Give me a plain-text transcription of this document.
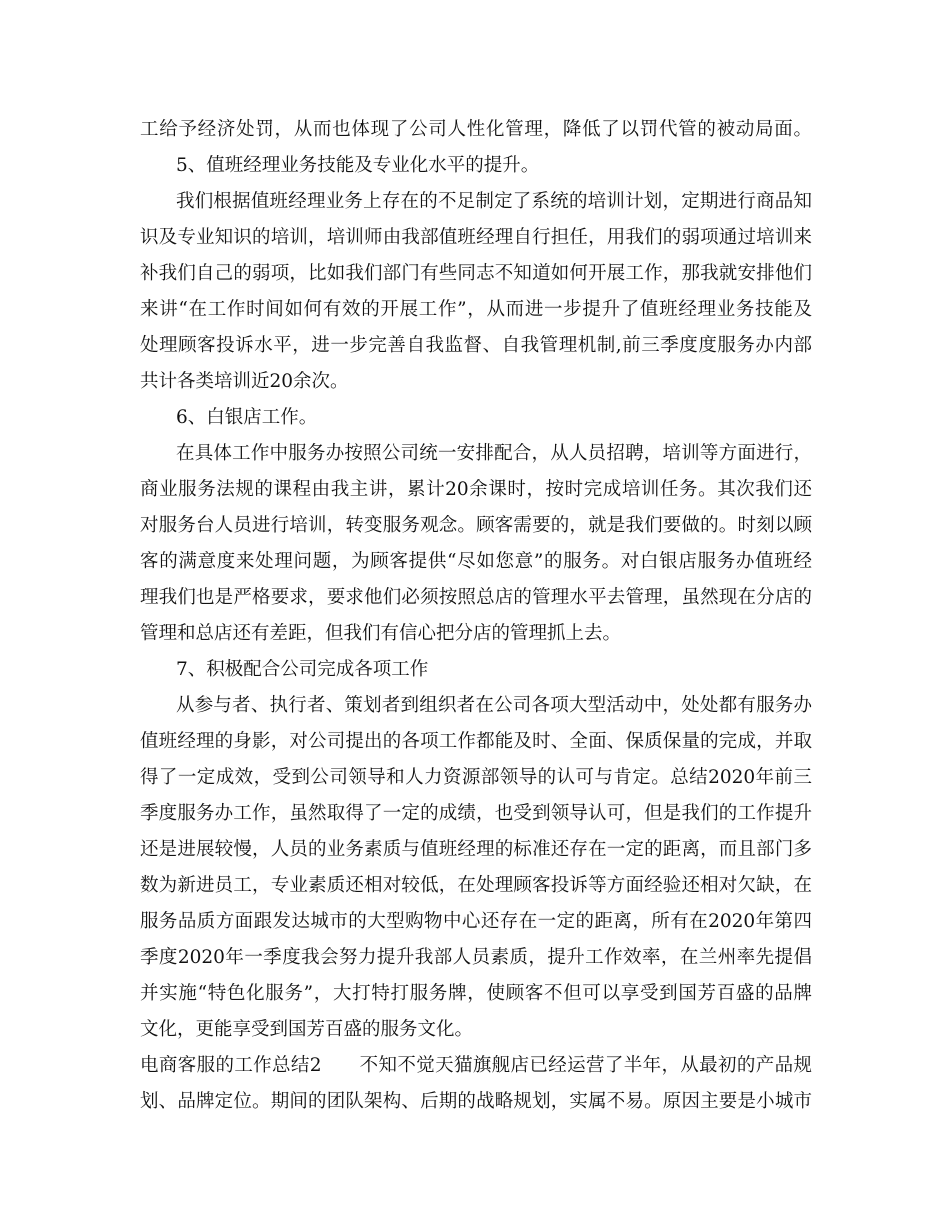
工给予经济处罚，从而也体现了公司人性化管理，降低了以罚代管的被动局面。
5、值班经理业务技能及专业化水平的提升。
我们根据值班经理业务上存在的不足制定了系统的培训计划，定期进行商品知
识及专业知识的培训，培训师由我部值班经理自行担任，用我们的弱项通过培训来
补我们自己的弱项，比如我们部门有些同志不知道如何开展工作，那我就安排他们
来讲“在工作时间如何有效的开展工作”，从而进一步提升了值班经理业务技能及
处理顾客投诉水平，进一步完善自我监督、自我管理机制,前三季度度服务办内部
共计各类培训近20余次。
6、白银店工作。
在具体工作中服务办按照公司统一安排配合，从人员招聘，培训等方面进行，
商业服务法规的课程由我主讲，累计20余课时，按时完成培训任务。其次我们还
对服务台人员进行培训，转变服务观念。顾客需要的，就是我们要做的。时刻以顾
客的满意度来处理问题，为顾客提供“尽如您意”的服务。对白银店服务办值班经
理我们也是严格要求，要求他们必须按照总店的管理水平去管理，虽然现在分店的
管理和总店还有差距，但我们有信心把分店的管理抓上去。
7、积极配合公司完成各项工作
从参与者、执行者、策划者到组织者在公司各项大型活动中，处处都有服务办
值班经理的身影，对公司提出的各项工作都能及时、全面、保质保量的完成，并取
得了一定成效，受到公司领导和人力资源部领导的认可与肯定。总结2020年前三
季度服务办工作，虽然取得了一定的成绩，也受到领导认可，但是我们的工作提升
还是进展较慢，人员的业务素质与值班经理的标准还存在一定的距离，而且部门多
数为新进员工，专业素质还相对较低，在处理顾客投诉等方面经验还相对欠缺，在
服务品质方面跟发达城市的大型购物中心还存在一定的距离，所有在2020年第四
季度2020年一季度我会努力提升我部人员素质，提升工作效率，在兰州率先提倡
并实施“特色化服务”，大打特打服务牌，使顾客不但可以享受到国芳百盛的品牌
文化，更能享受到国芳百盛的服务文化。
电商客服的工作总结2　　不知不觉天猫旗舰店已经运营了半年，从最初的产品规
划、品牌定位。期间的团队架构、后期的战略规划，实属不易。原因主要是小城市
